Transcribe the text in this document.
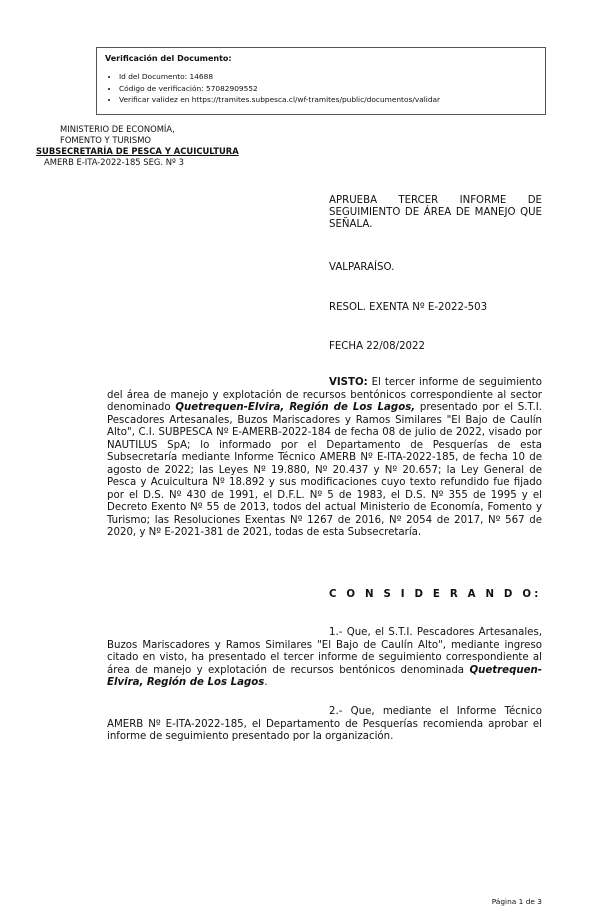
Verificación del Documento:
• Id del Documento: 14688
• Código de verificación: 57082909552
• Verificar validez en https://tramites.subpesca.cl/wf-tramites/public/documentos/validar
MINISTERIO DE ECONOMÍA,
FOMENTO Y TURISMO
SUBSECRETARÍA DE PESCA Y ACUICULTURA
AMERB E-ITA-2022-185 SEG. Nº 3
APRUEBA TERCER INFORME DE SEGUIMIENTO DE ÁREA DE MANEJO QUE SEÑALA.
VALPARAÍSO.
RESOL. EXENTA Nº E-2022-503
FECHA 22/08/2022
VISTO: El tercer informe de seguimiento del área de manejo y explotación de recursos bentónicos correspondiente al sector denominado Quetrequen-Elvira, Región de Los Lagos, presentado por el S.T.I. Pescadores Artesanales, Buzos Mariscadores y Ramos Similares "El Bajo de Caulín Alto", C.I. SUBPESCA Nº E-AMERB-2022-184 de fecha 08 de julio de 2022, visado por NAUTILUS SpA; lo informado por el Departamento de Pesquerías de esta Subsecretaría mediante Informe Técnico AMERB Nº E-ITA-2022-185, de fecha 10 de agosto de 2022; las Leyes Nº 19.880, Nº 20.437 y Nº 20.657; la Ley General de Pesca y Acuicultura Nº 18.892 y sus modificaciones cuyo texto refundido fue fijado por el D.S. Nº 430 de 1991, el D.F.L. Nº 5 de 1983, el D.S. Nº 355 de 1995 y el Decreto Exento Nº 55 de 2013, todos del actual Ministerio de Economía, Fomento y Turismo; las Resoluciones Exentas Nº 1267 de 2016, Nº 2054 de 2017, Nº 567 de 2020, y Nº E-2021-381 de 2021, todas de esta Subsecretaría.
C O N S I D E R A N D O:
1.- Que, el S.T.I. Pescadores Artesanales, Buzos Mariscadores y Ramos Similares "El Bajo de Caulín Alto", mediante ingreso citado en visto, ha presentado el tercer informe de seguimiento correspondiente al área de manejo y explotación de recursos bentónicos denominada Quetrequen-Elvira, Región de Los Lagos.
2.- Que, mediante el Informe Técnico AMERB Nº E-ITA-2022-185, el Departamento de Pesquerías recomienda aprobar el informe de seguimiento presentado por la organización.
Página 1 de 3
